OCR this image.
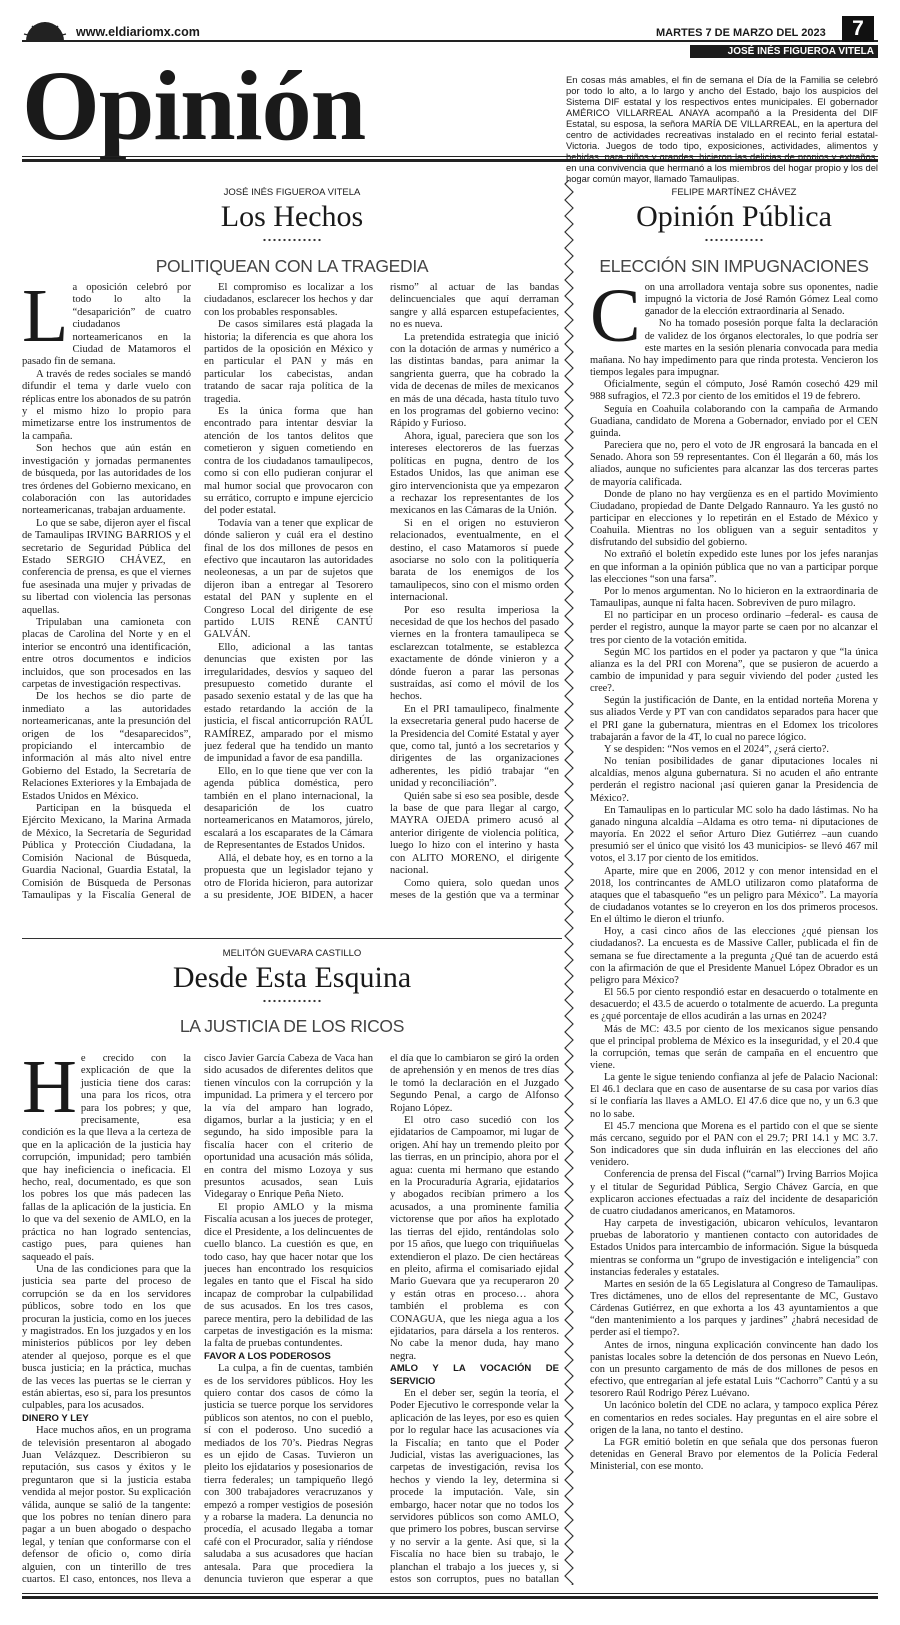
www.eldiariomx.com	MARTES 7 DE MARZO DEL 2023	7
JOSÉ INÉS FIGUEROA VITELA
Opinión	En cosas más amables, el fin de semana el Día de la Familia se celebró por todo lo alto, a lo largo y ancho del Estado, bajo los auspicios del Sistema DIF estatal y los respectivos entes municipales. El gobernador AMÉRICO VILLARREAL ANAYA acompañó a la Presidenta del DIF Estatal, su esposa, la señora MARÍA DE VILLARREAL, en la apertura del centro de actividades recreativas instalado en el recinto ferial estatal-Victoria. Juegos de todo tipo, exposiciones, actividades, alimentos y bebidas, para niños y grandes, hicieron las delicias de propios y extraños, en una convivencia que hermanó a los miembros del hogar propio y los del hogar común mayor, llamado Tamaulipas.
JOSÉ INÉS FIGUEROA VITELA
Los Hechos
POLITIQUEAN CON LA TRAGEDIA
L a oposición celebró por todo lo alto la “desaparición” de cuatro ciudadanos norteamericanos en la Ciudad de Matamoros el pasado fin de semana.

A través de redes sociales se mandó difundir el tema y darle vuelo con réplicas entre los abonados de su patrón y el mismo hizo lo propio para mimetizarse entre los instrumentos de la campaña.

Son hechos que aún están en investigación y jornadas permanentes de búsqueda, por las autoridades de los tres órdenes del Gobierno mexicano, en colaboración con las autoridades norteamericanas, trabajan arduamente.

Lo que se sabe, dijeron ayer el fiscal de Tamaulipas IRVING BARRIOS y el secretario de Seguridad Pública del Estado SERGIO CHÁVEZ, en conferencia de prensa, es que el viernes fue asesinada una mujer y privadas de su libertad con violencia las personas aquellas.

Tripulaban una camioneta con placas de Carolina del Norte y en el interior se encontró una identificación, entre otros documentos e indicios incluidos, que son procesados en las carpetas de investigación respectivas.

De los hechos se dio parte de inmediato a las autoridades norteamericanas, ante la presunción del origen de los “desaparecidos”, propiciando el intercambio de información al más alto nivel entre Gobierno del Estado, la Secretaría de Relaciones Exteriores y la Embajada de Estados Unidos en México.

Participan en la búsqueda el Ejército Mexicano, la Marina Armada de México, la Secretaría de Seguridad Pública y Protección Ciudadana, la Comisión Nacional de Búsqueda, Guardia Nacional, Guardia Estatal, la Comisión de Búsqueda de Personas Tamaulipas y la Fiscalía General de

El compromiso es localizar a los ciudadanos, esclarecer los hechos y dar con los probables responsables.

De casos similares está plagada la historia; la diferencia es que ahora los partidos de la oposición en México y en particular el PAN y más en particular los cabecistas, andan tratando de sacar raja política de la tragedia.

Es la única forma que han encontrado para intentar desviar la atención de los tantos delitos que cometieron y siguen cometiendo en contra de los ciudadanos tamaulipecos, como si con ello pudieran conjurar el mal humor social que provocaron con su errático, corrupto e impune ejercicio del poder estatal.

Todavía van a tener que explicar de dónde salieron y cuál era el destino final de los dos millones de pesos en efectivo que incautaron las autoridades neoleonesas, a un par de sujetos que dijeron iban a entregar al Tesorero estatal del PAN y suplente en el Congreso Local del dirigente de ese partido LUIS RENÉ CANTÚ GALVÁN.

Ello, adicional a las tantas denuncias que existen por las irregularidades, desvíos y saqueo del presupuesto cometido durante el pasado sexenio estatal y de las que ha estado retardando la acción de la justicia, el fiscal anticorrupción RAÚL RAMÍREZ, amparado por el mismo juez federal que ha tendido un manto de impunidad a favor de esa pandilla.

Ello, en lo que tiene que ver con la agenda pública doméstica, pero también en el plano internacional, la desaparición de los cuatro norteamericanos en Matamoros, júrelo, escalará a los escaparates de la Cámara de Representantes de Estados Unidos.

Allá, el debate hoy, es en torno a la propuesta que un legislador tejano y otro de Florida hicieron, para autorizar a su presidente, JOE BIDEN, a hacer

rismo” al actuar de las bandas delincuenciales que aquí derraman sangre y allá esparcen estupefacientes, no es nueva.

La pretendida estrategia que inició con la dotación de armas y numérico a las distintas bandas, para animar la sangrienta guerra, que ha cobrado la vida de decenas de miles de mexicanos en más de una década, hasta título tuvo en los programas del gobierno vecino: Rápido y Furioso.

Ahora, igual, pareciera que son los intereses electoreros de las fuerzas políticas en pugna, dentro de los Estados Unidos, las que animan ese giro intervencionista que ya empezaron a rechazar los representantes de los mexicanos en las Cámaras de la Unión.

Si en el origen no estuvieron relacionados, eventualmente, en el destino, el caso Matamoros sí puede asociarse no solo con la politiquería barata de los enemigos de los tamaulipecos, sino con el mismo orden internacional.

Por eso resulta imperiosa la necesidad de que los hechos del pasado viernes en la frontera tamaulipeca se esclarezcan totalmente, se establezca exactamente de dónde vinieron y a dónde fueron a parar las personas sustraídas, así como el móvil de los hechos.

En el PRI tamaulipeco, finalmente la exsecretaria general pudo hacerse de la Presidencia del Comité Estatal y ayer que, como tal, juntó a los secretarios y dirigentes de las organizaciones adherentes, les pidió trabajar “en unidad y reconciliación”.

Quién sabe si eso sea posible, desde la base de que para llegar al cargo, MAYRA OJEDA primero acusó al anterior dirigente de violencia política, luego lo hizo con el interino y hasta con ALITO MORENO, el dirigente nacional.

Como quiera, solo quedan unos meses de la gestión que va a terminar

MELITÓN GUEVARA CASTILLO
Desde Esta Esquina
LA JUSTICIA DE LOS RICOS
H e crecido con la explicación de que la justicia tiene dos caras: una para los ricos, otra para los pobres; y que, precisamente, esa condición es la que lleva a la certeza de que en la aplicación de la justicia hay corrupción, impunidad; pero también que hay ineficiencia o ineficacia. El hecho, real, documentado, es que son los pobres los que más padecen las fallas de la aplicación de la justicia. En lo que va del sexenio de AMLO, en la práctica no han logrado sentencias, castigo pues, para quienes han saqueado el país.

Una de las condiciones para que la justicia sea parte del proceso de corrupción se da en los servidores públicos, sobre todo en los que procuran la justicia, como en los jueces y magistrados. En los juzgados y en los ministerios públicos por ley deben atender al quejoso, porque es el que busca justicia; en la práctica, muchas de las veces las puertas se le cierran y están abiertas, eso sí, para los presuntos culpables, para los acusados.

DINERO Y LEY

Hace muchos años, en un programa de televisión presentaron al abogado Juan Velázquez. Describieron su reputación, sus casos y éxitos y le preguntaron que si la justicia estaba vendida al mejor postor. Su explicación válida, aunque se salió de la tangente: que los pobres no tenían dinero para pagar a un buen abogado o despacho legal, y tenían que conformarse con el defensor de oficio o, como diría alguien, con un tinterillo de tres cuartos. El caso, entonces, nos lleva a

cisco Javier García Cabeza de Vaca han sido acusados de diferentes delitos que tienen vínculos con la corrupción y la impunidad. La primera y el tercero por la vía del amparo han logrado, digamos, burlar a la justicia; y en el segundo, ha sido imposible para la fiscalía hacer con el criterio de oportunidad una acusación más sólida, en contra del mismo Lozoya y sus presuntos acusados, sean Luis Videgaray o Enrique Peña Nieto.

El propio AMLO y la misma Fiscalía acusan a los jueces de proteger, dice el Presidente, a los delincuentes de cuello blanco. La cuestión es que, en todo caso, hay que hacer notar que los jueces han encontrado los resquicios legales en tanto que el Fiscal ha sido incapaz de comprobar la culpabilidad de sus acusados. En los tres casos, parece mentira, pero la debilidad de las carpetas de investigación es la misma: la falta de pruebas contundentes.

FAVOR A LOS PODEROSOS

La culpa, a fin de cuentas, también es de los servidores públicos. Hoy les quiero contar dos casos de cómo la justicia se tuerce porque los servidores públicos son atentos, no con el pueblo, sí con el poderoso. Uno sucedió a mediados de los 70’s. Piedras Negras es un ejido de Casas. Tuvieron un pleito los ejidatarios y posesionarios de tierra federales; un tampiqueño llegó con 300 trabajadores veracruzanos y empezó a romper vestigios de posesión y a robarse la madera. La denuncia no procedía, el acusado llegaba a tomar café con el Procurador, salía y riéndose saludaba a sus acusadores que hacían antesala. Para que procediera la denuncia tuvieron que esperar a que

el día que lo cambiaron se giró la orden de aprehensión y en menos de tres días le tomó la declaración en el Juzgado Segundo Penal, a cargo de Alfonso Rojano López.

El otro caso sucedió con los ejidatarios de Campoamor, mi lugar de origen. Ahí hay un tremendo pleito por las tierras, en un principio, ahora por el agua: cuenta mi hermano que estando en la Procuraduría Agraria, ejidatarios y abogados recibían primero a los acusados, a una prominente familia victorense que por años ha explotado las tierras del ejido, rentándolas solo por 15 años, que luego con triquiñuelas extendieron el plazo. De cien hectáreas en pleito, afirma el comisariado ejidal Mario Guevara que ya recuperaron 20 y están otras en proceso… ahora también el problema es con CONAGUA, que les niega agua a los ejidatarios, para dársela a los renteros. No cabe la menor duda, hay mano negra.

AMLO Y LA VOCACIÓN DE SERVICIO

En el deber ser, según la teoría, el Poder Ejecutivo le corresponde velar la aplicación de las leyes, por eso es quien por lo regular hace las acusaciones vía la Fiscalía; en tanto que el Poder Judicial, vistas las averiguaciones, las carpetas de investigación, revisa los hechos y viendo la ley, determina si procede la imputación. Vale, sin embargo, hacer notar que no todos los servidores públicos son como AMLO, que primero los pobres, buscan servirse y no servir a la gente. Así que, si la Fiscalía no hace bien su trabajo, le planchan el trabajo a los jueces y, si estos son corruptos, pues no batallan

FELIPE MARTÍNEZ CHÁVEZ
Opinión Pública
ELECCIÓN SIN IMPUGNACIONES
C on una arrolladora ventaja sobre sus oponentes, nadie impugnó la victoria de José Ramón Gómez Leal como ganador de la elección extraordinaria al Senado.

No ha tomado posesión porque falta la declaración de validez de los órganos electorales, lo que podría ser este martes en la sesión plenaria convocada para media mañana. No hay impedimento para que rinda protesta. Vencieron los tiempos legales para impugnar.

Oficialmente, según el cómputo, José Ramón cosechó 429 mil 988 sufragios, el 72.3 por ciento de los emitidos el 19 de febrero.

Seguía en Coahuila colaborando con la campaña de Armando Guadiana, candidato de Morena a Gobernador, enviado por el CEN guinda.

Pareciera que no, pero el voto de JR engrosará la bancada en el Senado. Ahora son 59 representantes. Con él llegarán a 60, más los aliados, aunque no suficientes para alcanzar las dos terceras partes de mayoría calificada.

Donde de plano no hay vergüenza es en el partido Movimiento Ciudadano, propiedad de Dante Delgado Rannauro. Ya les gustó no participar en elecciones y lo repetirán en el Estado de México y Coahuila. Mientras no los obliguen van a seguir sentaditos y disfrutando del subsidio del gobierno.

No extrañó el boletín expedido este lunes por los jefes naranjas en que informan a la opinión pública que no van a participar porque las elecciones “son una farsa”.

Por lo menos argumentan. No lo hicieron en la extraordinaria de Tamaulipas, aunque ni falta hacen. Sobreviven de puro milagro.

El no participar en un proceso ordinario –federal- es causa de perder el registro, aunque la mayor parte se caen por no alcanzar el tres por ciento de la votación emitida.

Según MC los partidos en el poder ya pactaron y que “la única alianza es la del PRI con Morena”, que se pusieron de acuerdo a cambio de impunidad y para seguir viviendo del poder ¿usted les cree?.

Según la justificación de Dante, en la entidad norteña Morena y sus aliados Verde y PT van con candidatos separados para hacer que el PRI gane la gubernatura, mientras en el Edomex los tricolores trabajarán a favor de la 4T, lo cual no parece lógico.

Y se despiden: “Nos vemos en el 2024”, ¿será cierto?.

No tenían posibilidades de ganar diputaciones locales ni alcaldías, menos alguna gubernatura. Si no acuden el año entrante perderán el registro nacional ¡así quieren ganar la Presidencia de México?.

En Tamaulipas en lo particular MC solo ha dado lástimas. No ha ganado ninguna alcaldía –Aldama es otro tema- ni diputaciones de mayoría. En 2022 el señor Arturo Diez Gutiérrez –aun cuando presumió ser el único que visitó los 43 municipios- se llevó 467 mil votos, el 3.17 por ciento de los emitidos.

Aparte, mire que en 2006, 2012 y con menor intensidad en el 2018, los contrincantes de AMLO utilizaron como plataforma de ataques que el tabasqueño “es un peligro para México”. La mayoría de ciudadanos votantes se lo creyeron en los dos primeros procesos. En el último le dieron el triunfo.

Hoy, a casi cinco años de las elecciones ¿qué piensan los ciudadanos?. La encuesta es de Massive Caller, publicada el fin de semana se fue directamente a la pregunta ¿Qué tan de acuerdo está con la afirmación de que el Presidente Manuel López Obrador es un peligro para México?

El 56.5 por ciento respondió estar en desacuerdo o totalmente en desacuerdo; el 43.5 de acuerdo o totalmente de acuerdo. La pregunta es ¿qué porcentaje de ellos acudirán a las urnas en 2024?

Más de MC: 43.5 por ciento de los mexicanos sigue pensando que el principal problema de México es la inseguridad, y el 20.4 que la corrupción, temas que serán de campaña en el encuentro que viene.

La gente le sigue teniendo confianza al jefe de Palacio Nacional: El 46.1 declara que en caso de ausentarse de su casa por varios días sí le confiaría las llaves a AMLO. El 47.6 dice que no, y un 6.3 que no lo sabe.

El 45.7 menciona que Morena es el partido con el que se siente más cercano, seguido por el PAN con el 29.7; PRI 14.1 y MC 3.7. Son indicadores que sin duda influirán en las elecciones del año venidero.

Conferencia de prensa del Fiscal (“carnal”) Irving Barrios Mojica y el titular de Seguridad Pública, Sergio Chávez García, en que explicaron acciones efectuadas a raíz del incidente de desaparición de cuatro ciudadanos americanos, en Matamoros.

Hay carpeta de investigación, ubicaron vehículos, levantaron pruebas de laboratorio y mantienen contacto con autoridades de Estados Unidos para intercambio de información. Sigue la búsqueda mientras se conforma un “grupo de investigación e inteligencia” con instancias federales y estatales.

Martes en sesión de la 65 Legislatura al Congreso de Tamaulipas. Tres dictámenes, uno de ellos del representante de MC, Gustavo Cárdenas Gutiérrez, en que exhorta a los 43 ayuntamientos a que “den mantenimiento a los parques y jardines” ¿habrá necesidad de perder así el tiempo?.

Antes de irnos, ninguna explicación convincente han dado los panistas locales sobre la detención de dos personas en Nuevo León, con un presunto cargamento de más de dos millones de pesos en efectivo, que entregarían al jefe estatal Luis “Cachorro” Cantú y a su tesorero Raúl Rodrigo Pérez Luévano.

Un lacónico boletín del CDE no aclara, y tampoco explica Pérez en comentarios en redes sociales. Hay preguntas en el aire sobre el origen de la lana, no tanto el destino.

La FGR emitió boletín en que señala que dos personas fueron detenidas en General Bravo por elementos de la Policía Federal Ministerial, con ese monto.
